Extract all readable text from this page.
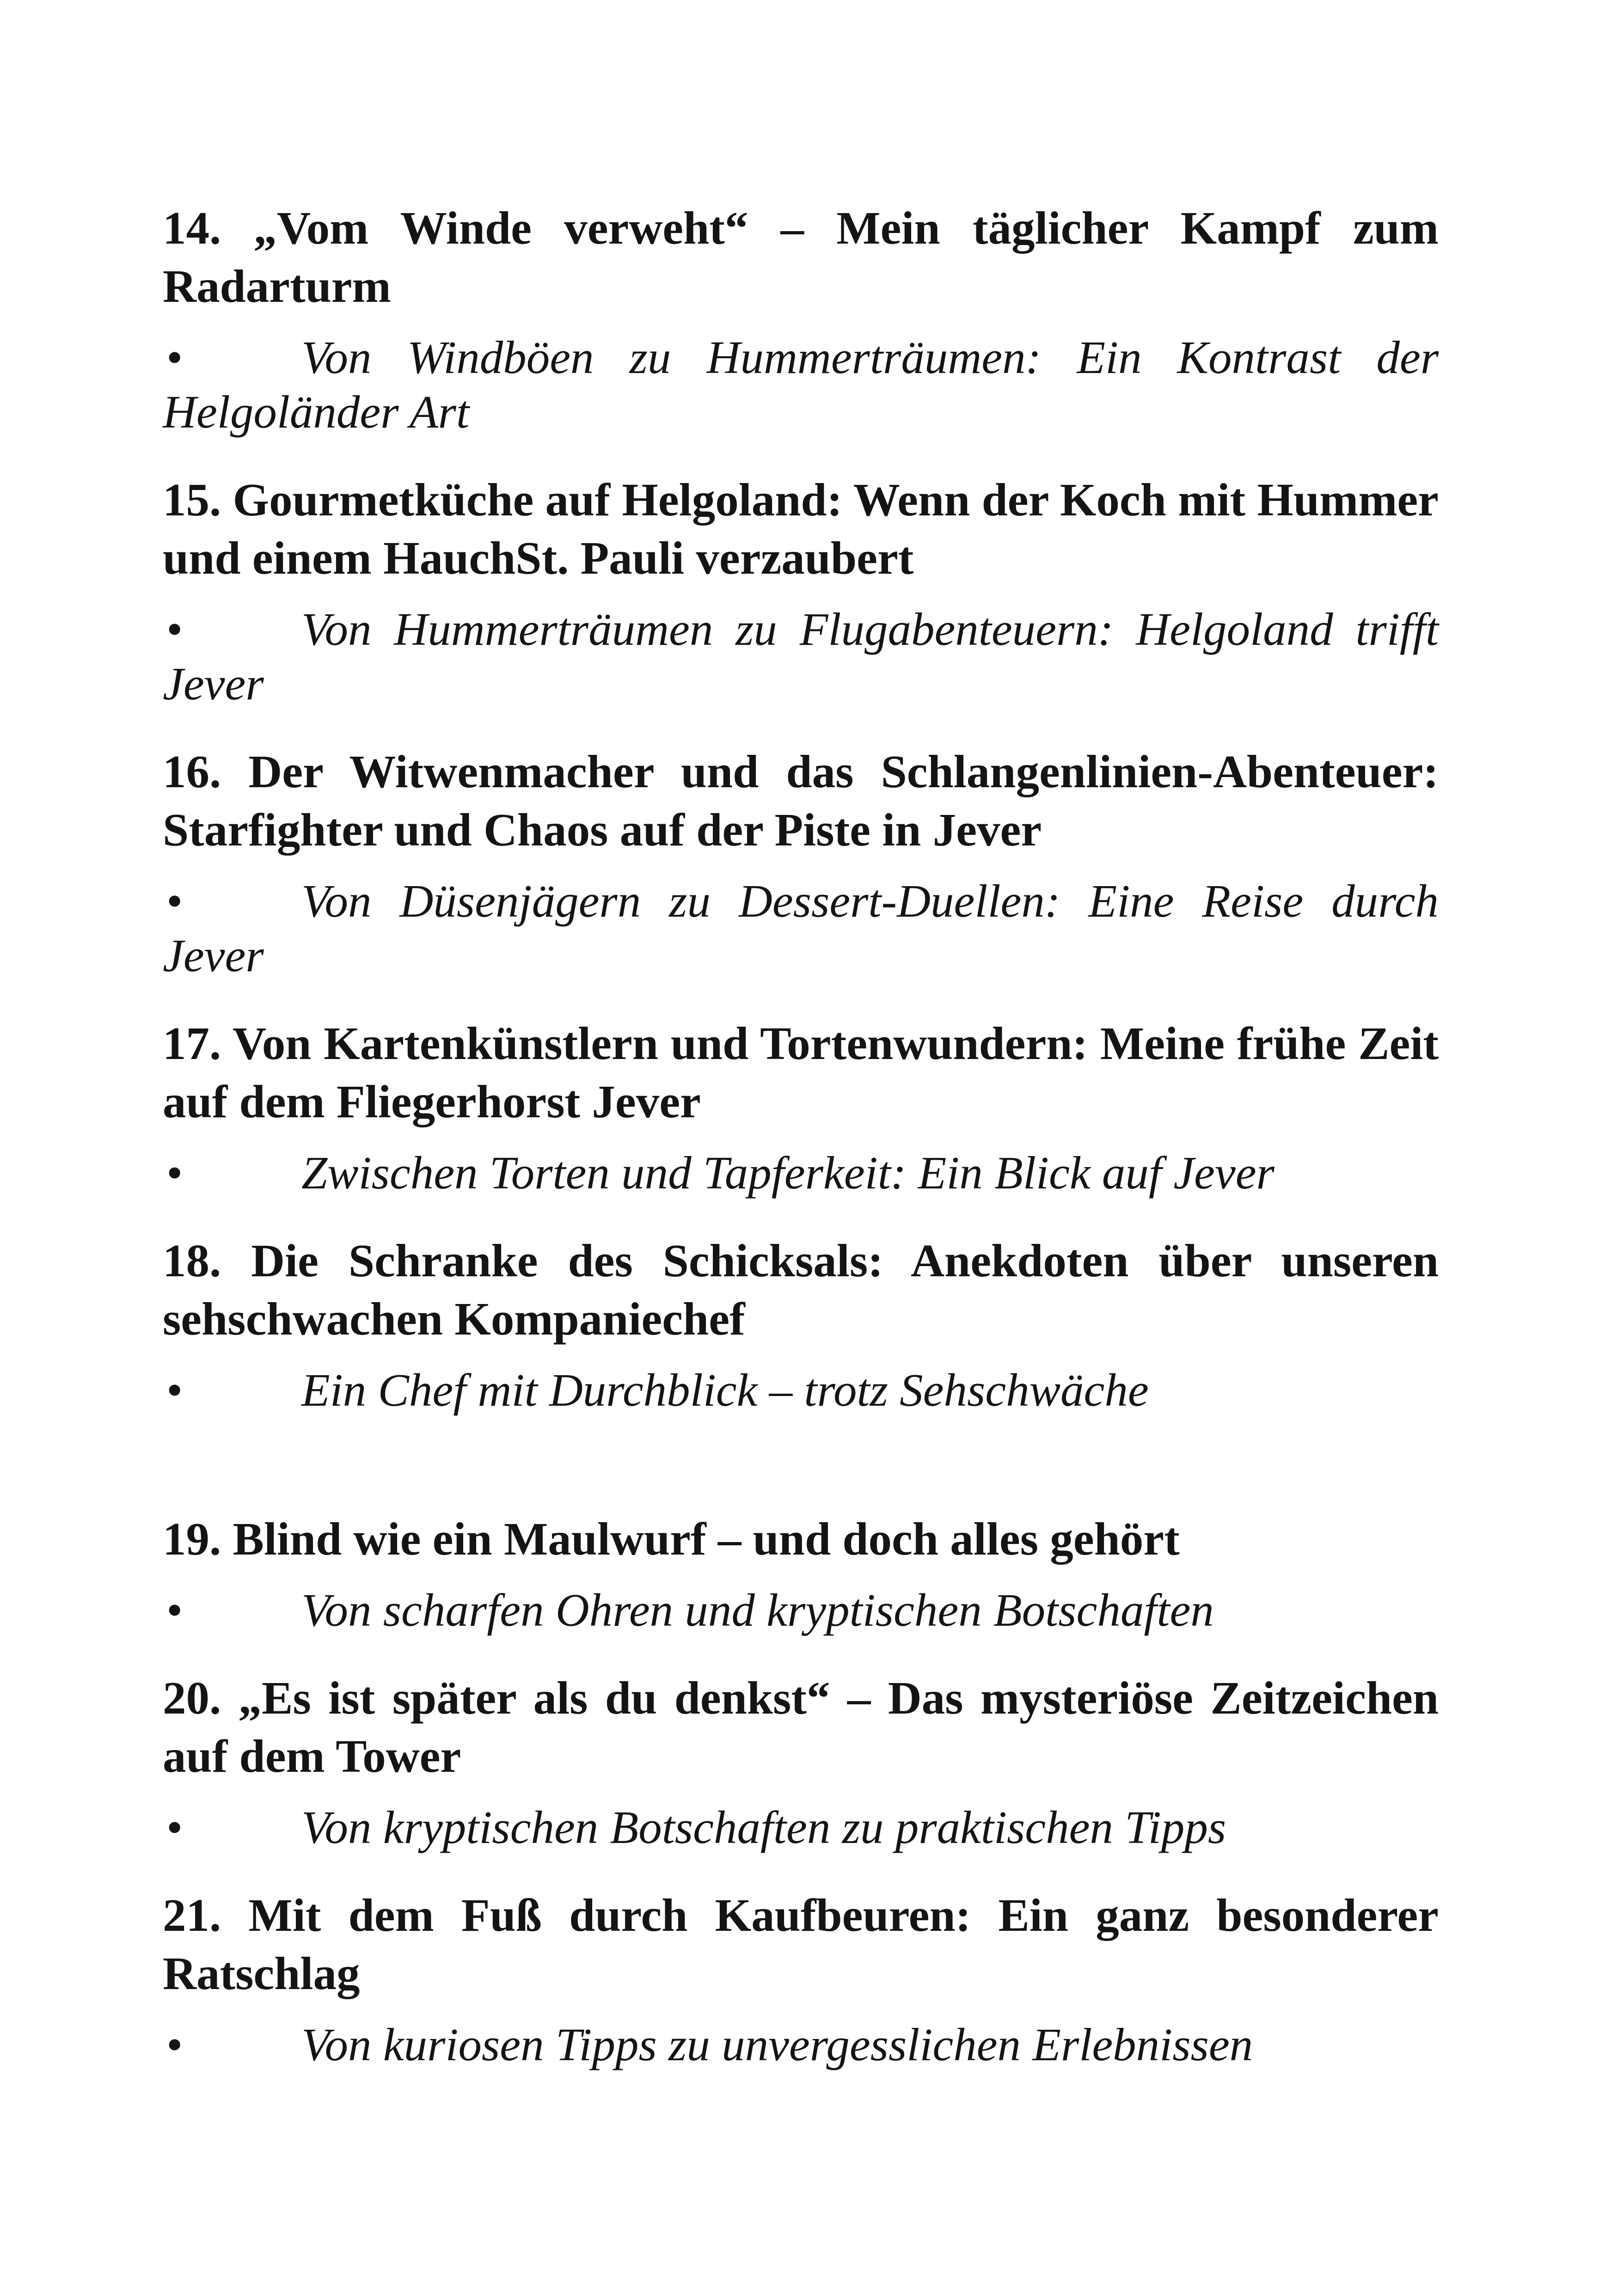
14. „Vom Winde verweht“ – Mein täglicher Kampf zum Radarturm

•	Von Windböen zu Hummerträumen: Ein Kontrast der Helgoländer Art

15. Gourmetküche auf Helgoland: Wenn der Koch mit Hummer und einem HauchSt. Pauli verzaubert

•	Von Hummerträumen zu Flugabenteuern: Helgoland trifft Jever

16. Der Witwenmacher und das Schlangenlinien-Abenteuer: Starfighter und Chaos auf der Piste in Jever

•	Von Düsenjägern zu Dessert-Duellen: Eine Reise durch Jever

17. Von Kartenkünstlern und Tortenwundern: Meine frühe Zeit auf dem Fliegerhorst Jever

•	Zwischen Torten und Tapferkeit: Ein Blick auf Jever

18. Die Schranke des Schicksals: Anekdoten über unseren sehschwachen Kompaniechef

•	Ein Chef mit Durchblick – trotz Sehschwäche

19. Blind wie ein Maulwurf – und doch alles gehört

•	Von scharfen Ohren und kryptischen Botschaften

20. „Es ist später als du denkst“ – Das mysteriöse Zeitzeichen auf dem Tower

•	Von kryptischen Botschaften zu praktischen Tipps

21. Mit dem Fuß durch Kaufbeuren: Ein ganz besonderer Ratschlag

•	Von kuriosen Tipps zu unvergesslichen Erlebnissen
